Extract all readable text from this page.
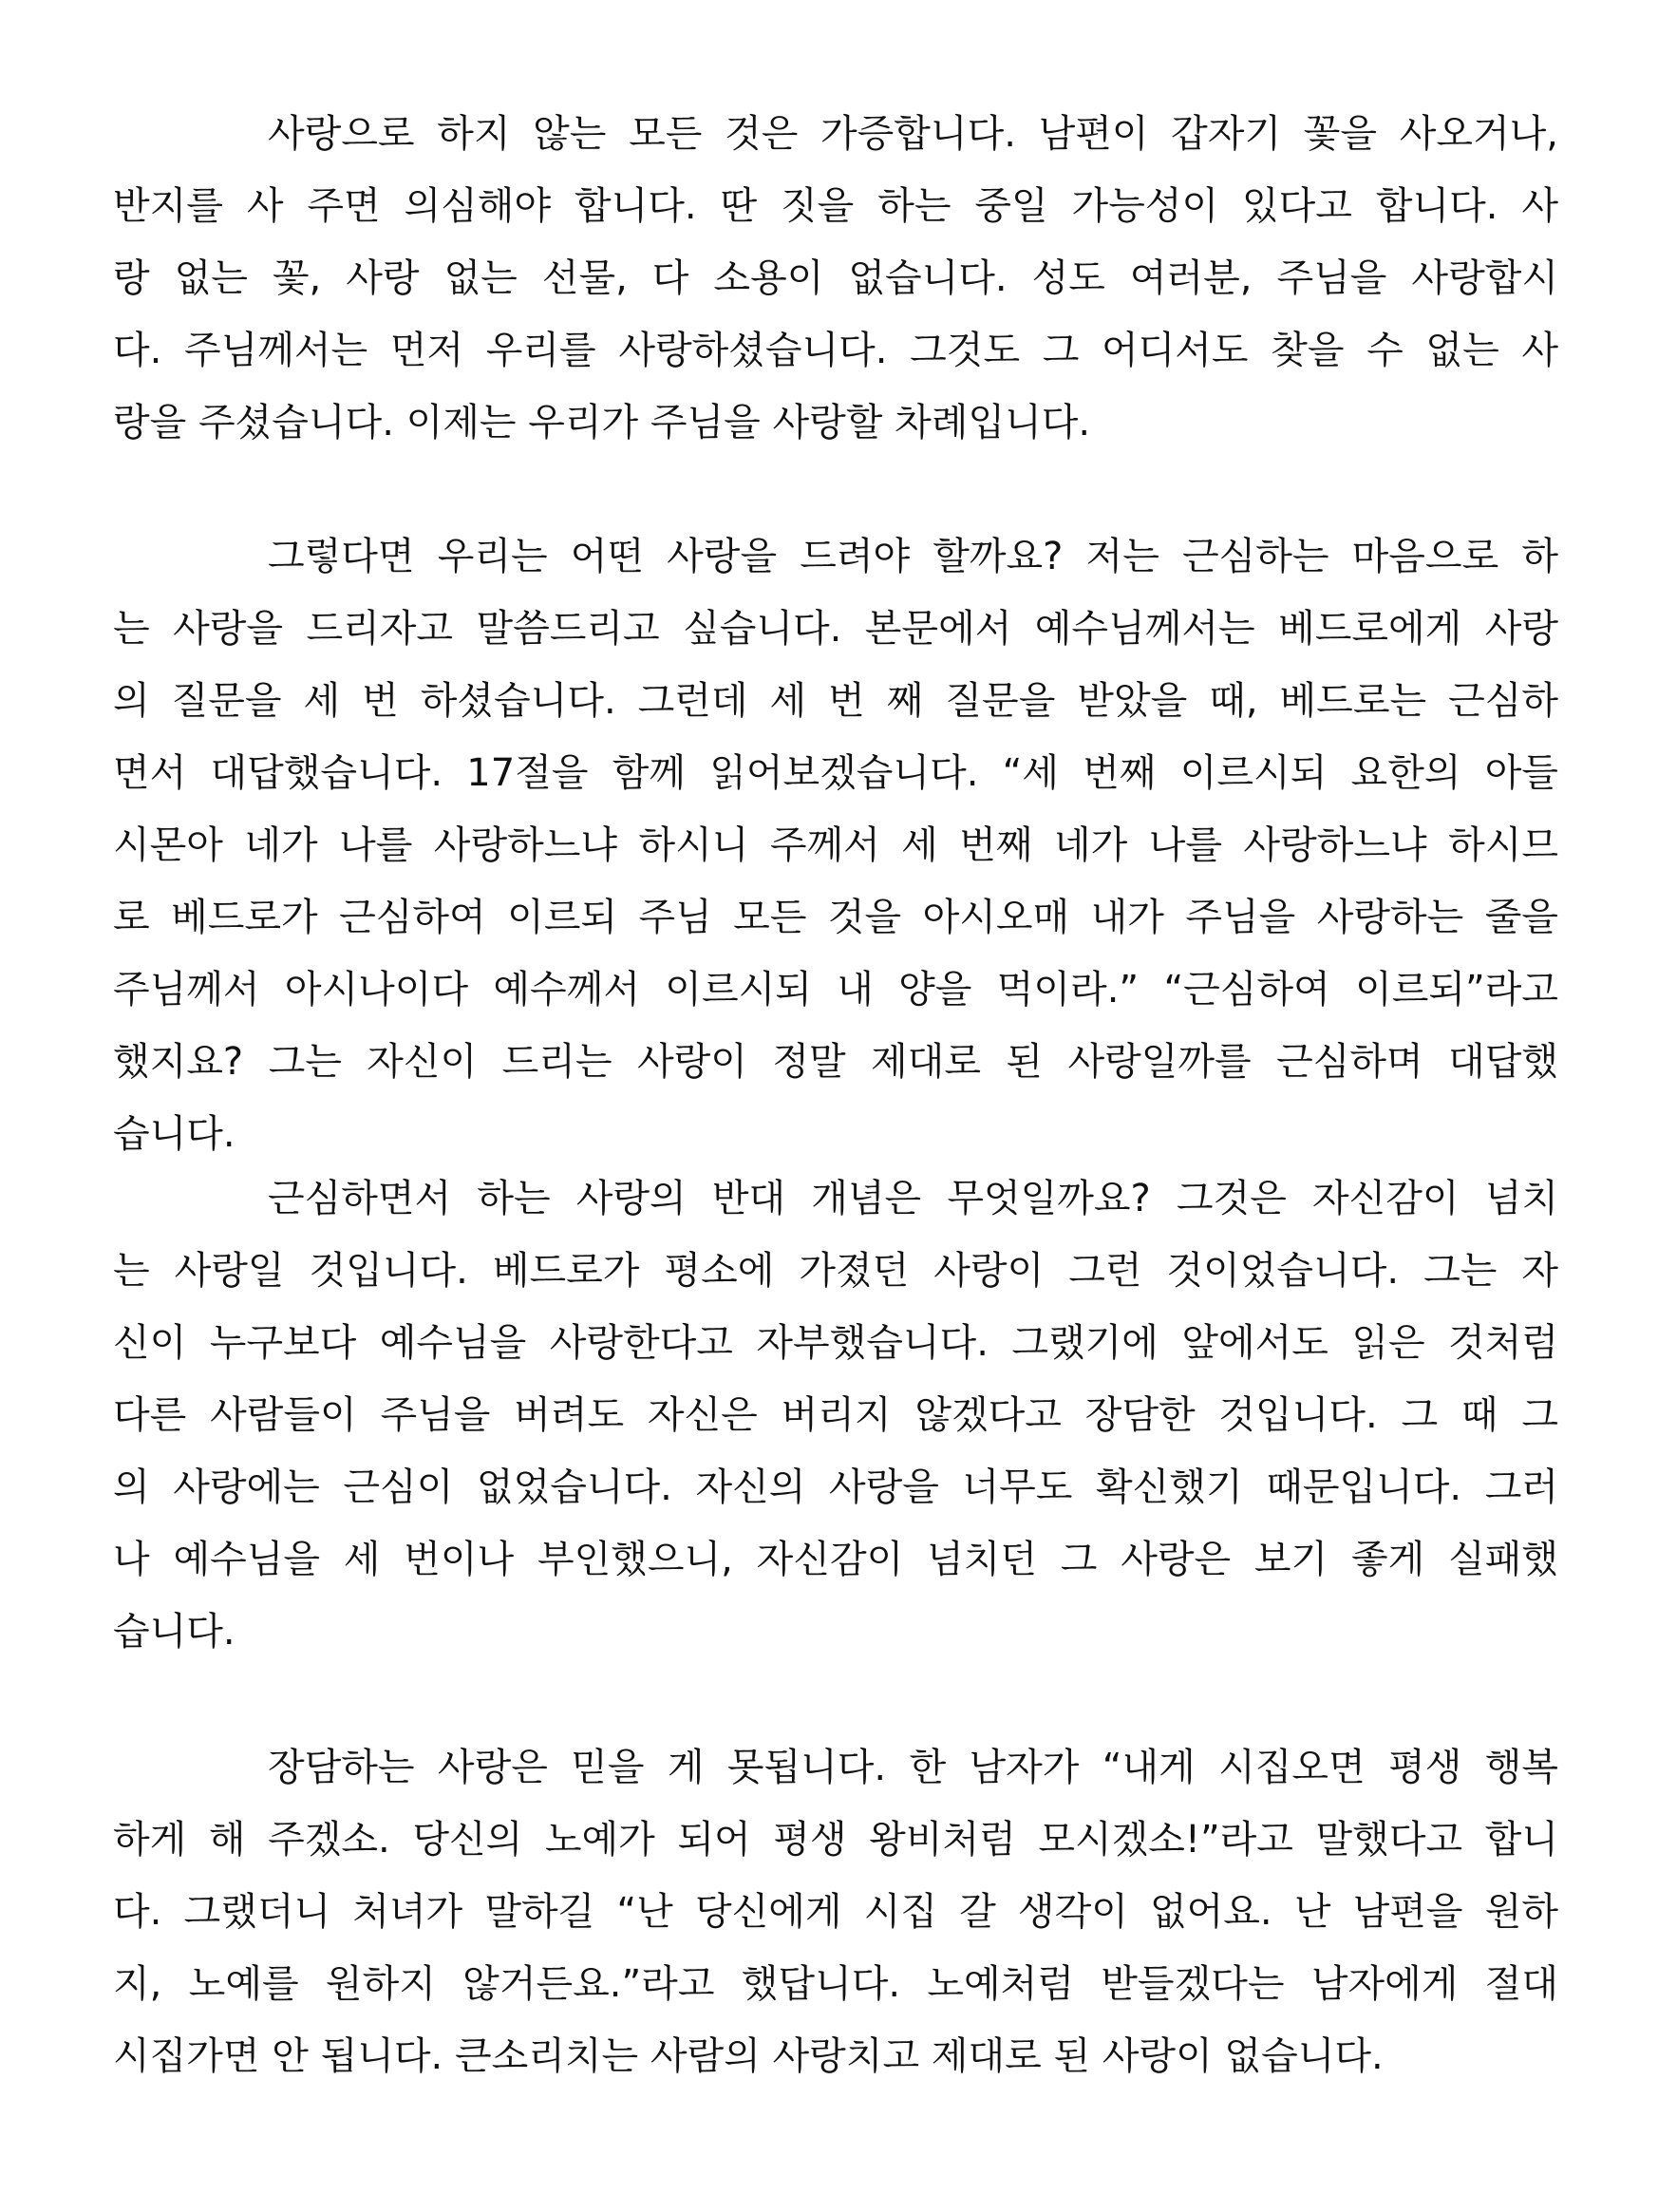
사랑으로 하지 않는 모든 것은 가증합니다. 남편이 갑자기 꽃을 사오거나,
반지를 사 주면 의심해야 합니다. 딴 짓을 하는 중일 가능성이 있다고 합니다. 사
랑 없는 꽃, 사랑 없는 선물, 다 소용이 없습니다. 성도 여러분, 주님을 사랑합시
다. 주님께서는 먼저 우리를 사랑하셨습니다. 그것도 그 어디서도 찾을 수 없는 사
랑을 주셨습니다. 이제는 우리가 주님을 사랑할 차례입니다.
그렇다면 우리는 어떤 사랑을 드려야 할까요? 저는 근심하는 마음으로 하
는 사랑을 드리자고 말씀드리고 싶습니다. 본문에서 예수님께서는 베드로에게 사랑
의 질문을 세 번 하셨습니다. 그런데 세 번 째 질문을 받았을 때, 베드로는 근심하
면서 대답했습니다. 17절을 함께 읽어보겠습니다. “세 번째 이르시되 요한의 아들
시몬아 네가 나를 사랑하느냐 하시니 주께서 세 번째 네가 나를 사랑하느냐 하시므
로 베드로가 근심하여 이르되 주님 모든 것을 아시오매 내가 주님을 사랑하는 줄을
주님께서 아시나이다 예수께서 이르시되 내 양을 먹이라.” “근심하여 이르되”라고
했지요? 그는 자신이 드리는 사랑이 정말 제대로 된 사랑일까를 근심하며 대답했
습니다.
근심하면서 하는 사랑의 반대 개념은 무엇일까요? 그것은 자신감이 넘치
는 사랑일 것입니다. 베드로가 평소에 가졌던 사랑이 그런 것이었습니다. 그는 자
신이 누구보다 예수님을 사랑한다고 자부했습니다. 그랬기에 앞에서도 읽은 것처럼
다른 사람들이 주님을 버려도 자신은 버리지 않겠다고 장담한 것입니다. 그 때 그
의 사랑에는 근심이 없었습니다. 자신의 사랑을 너무도 확신했기 때문입니다. 그러
나 예수님을 세 번이나 부인했으니, 자신감이 넘치던 그 사랑은 보기 좋게 실패했
습니다.
장담하는 사랑은 믿을 게 못됩니다. 한 남자가 “내게 시집오면 평생 행복
하게 해 주겠소. 당신의 노예가 되어 평생 왕비처럼 모시겠소!”라고 말했다고 합니
다. 그랬더니 처녀가 말하길 “난 당신에게 시집 갈 생각이 없어요. 난 남편을 원하
지, 노예를 원하지 않거든요.”라고 했답니다. 노예처럼 받들겠다는 남자에게 절대
시집가면 안 됩니다. 큰소리치는 사람의 사랑치고 제대로 된 사랑이 없습니다.
